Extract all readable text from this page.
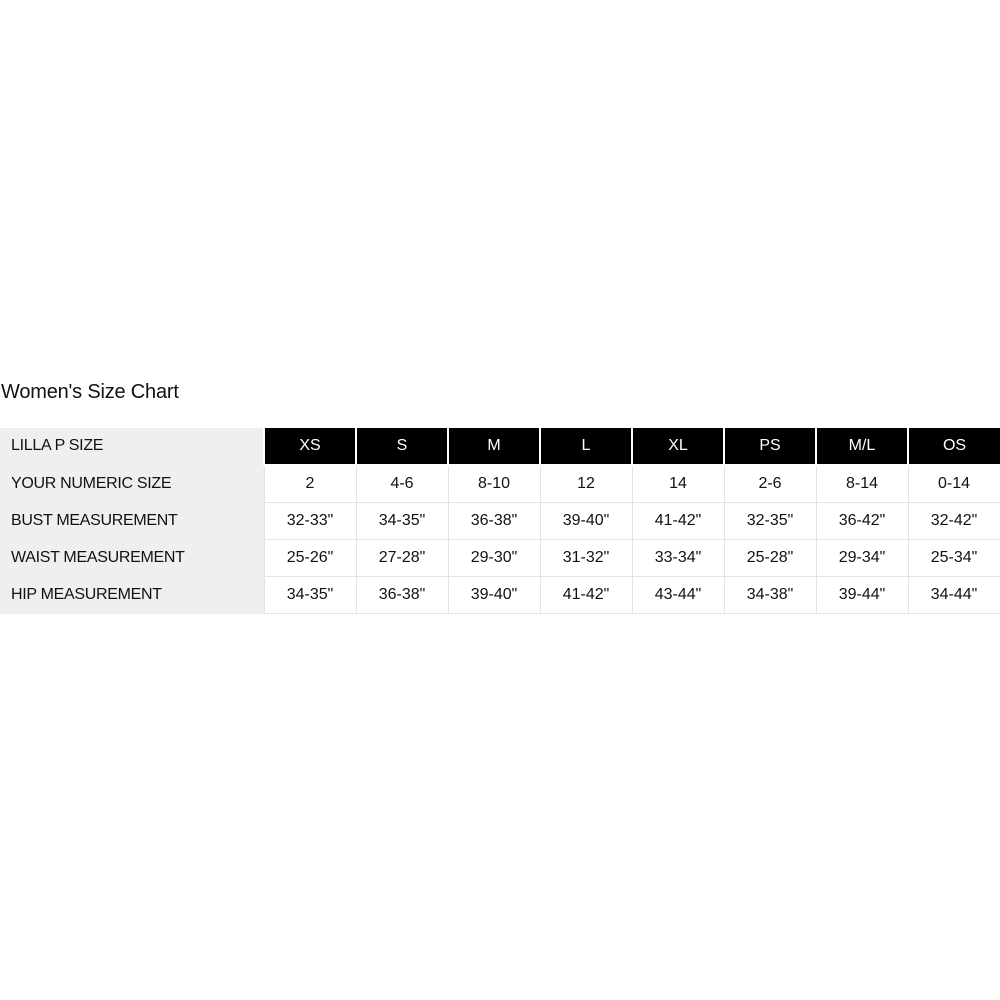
Women's Size Chart
LILLA P SIZE	XS	S	M	L	XL	PS	M/L	OS
YOUR NUMERIC SIZE	2	4-6	8-10	12	14	2-6	8-14	0-14
BUST MEASUREMENT	32-33"	34-35"	36-38"	39-40"	41-42"	32-35"	36-42"	32-42"
WAIST MEASUREMENT	25-26"	27-28"	29-30"	31-32"	33-34"	25-28"	29-34"	25-34"
HIP MEASUREMENT	34-35"	36-38"	39-40"	41-42"	43-44"	34-38"	39-44"	34-44"
